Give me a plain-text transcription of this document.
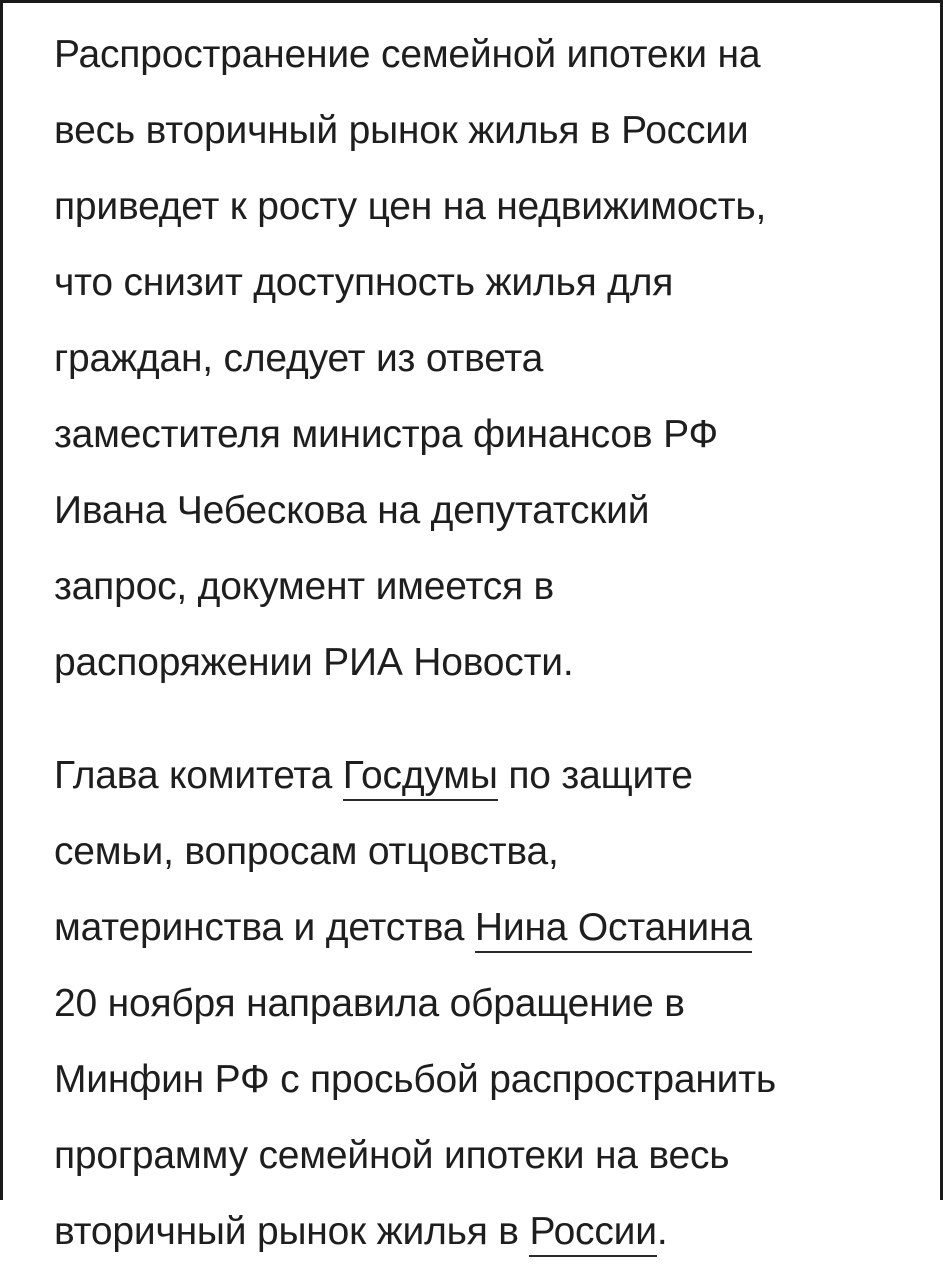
Распространение семейной ипотеки на
весь вторичный рынок жилья в России
приведет к росту цен на недвижимость,
что снизит доступность жилья для
граждан, следует из ответа
заместителя министра финансов РФ
Ивана Чебескова на депутатский
запрос, документ имеется в
распоряжении РИА Новости.

Глава комитета Госдумы по защите
семьи, вопросам отцовства,
материнства и детства Нина Останина
20 ноября направила обращение в
Минфин РФ с просьбой распространить
программу семейной ипотеки на весь
вторичный рынок жилья в России.
